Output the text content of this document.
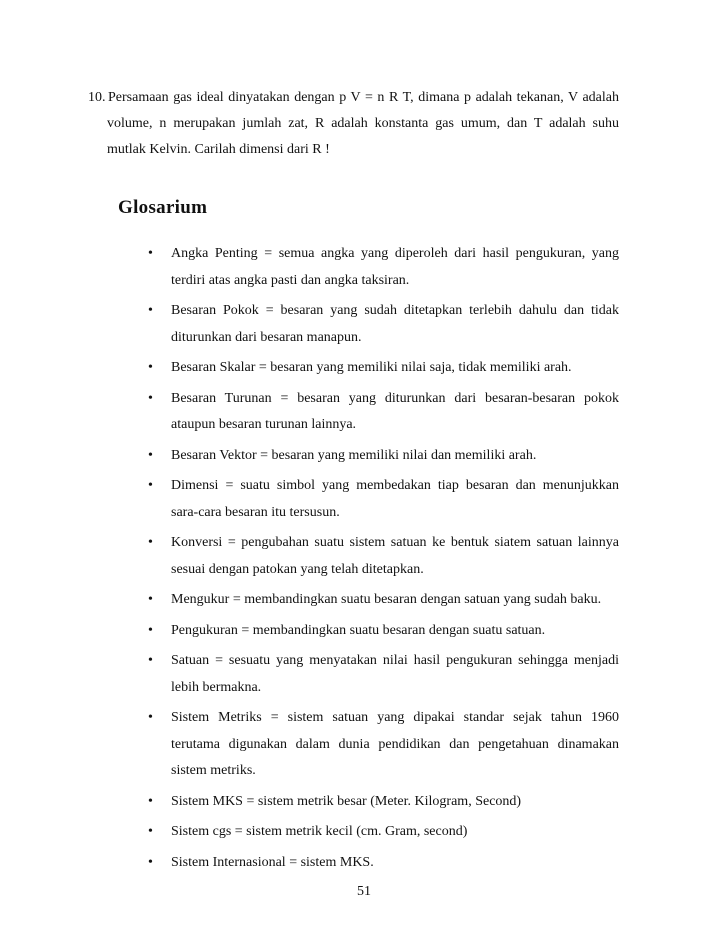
10. Persamaan gas ideal dinyatakan dengan p V = n R T, dimana p adalah tekanan, V adalah
volume, n merupakan jumlah zat, R adalah konstanta gas umum, dan T adalah suhu
mutlak Kelvin. Carilah dimensi dari R !
Glosarium
• Angka Penting = semua angka yang diperoleh dari hasil pengukuran, yang
terdiri atas angka pasti dan angka taksiran.
• Besaran Pokok = besaran yang sudah ditetapkan terlebih dahulu dan tidak
diturunkan dari besaran manapun.
• Besaran Skalar = besaran yang memiliki nilai saja, tidak memiliki arah.
• Besaran Turunan = besaran yang diturunkan dari besaran-besaran pokok
ataupun besaran turunan lainnya.
• Besaran Vektor = besaran yang memiliki nilai dan memiliki arah.
• Dimensi = suatu simbol yang membedakan tiap besaran dan menunjukkan
sara-cara besaran itu tersusun.
• Konversi = pengubahan suatu sistem satuan ke bentuk siatem satuan lainnya
sesuai dengan patokan yang telah ditetapkan.
• Mengukur = membandingkan suatu besaran dengan satuan yang sudah baku.
• Pengukuran = membandingkan suatu besaran dengan suatu satuan.
• Satuan = sesuatu yang menyatakan nilai hasil pengukuran sehingga menjadi
lebih bermakna.
• Sistem Metriks = sistem satuan yang dipakai standar sejak tahun 1960
terutama digunakan dalam dunia pendidikan dan pengetahuan dinamakan
sistem metriks.
• Sistem MKS = sistem metrik besar (Meter. Kilogram, Second)
• Sistem cgs = sistem metrik kecil (cm. Gram, second)
• Sistem Internasional = sistem MKS.
51
